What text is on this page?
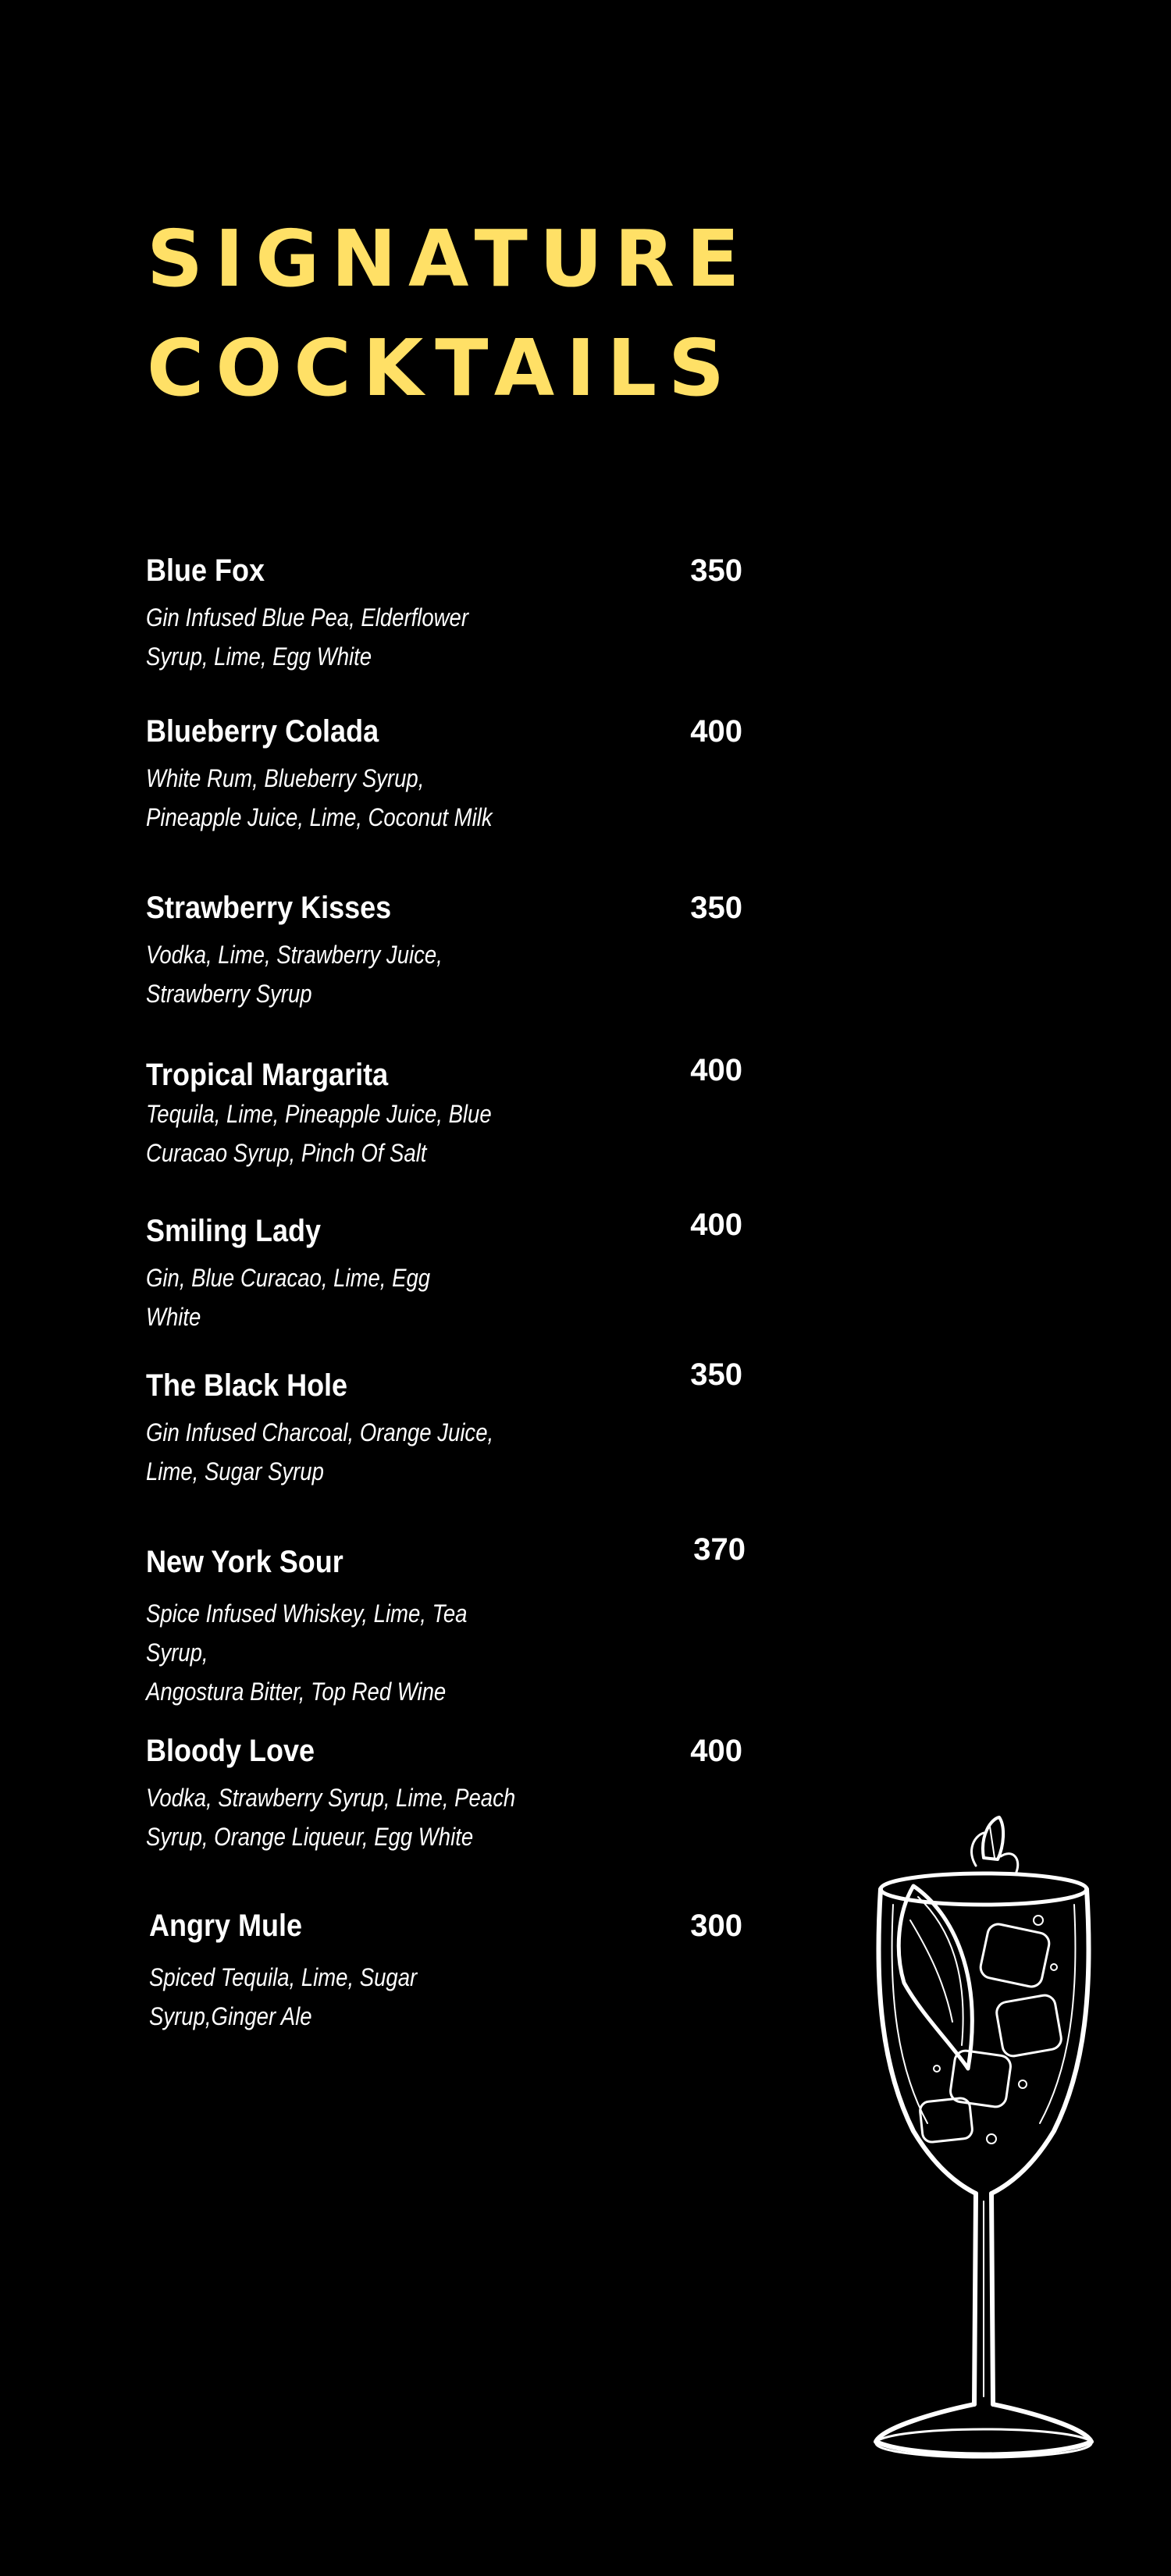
SIGNATURE
COCKTAILS
Blue Fox	350
Gin Infused Blue Pea, Elderflower
Syrup, Lime, Egg White
Blueberry Colada	400
White Rum, Blueberry Syrup,
Pineapple Juice, Lime, Coconut Milk
Strawberry Kisses	350
Vodka, Lime, Strawberry Juice,
Strawberry Syrup
Tropical Margarita	400
Tequila, Lime, Pineapple Juice, Blue
Curacao Syrup, Pinch Of Salt
Smiling Lady	400
Gin, Blue Curacao, Lime, Egg
White
The Black Hole	350
Gin Infused Charcoal, Orange Juice,
Lime, Sugar Syrup
New York Sour	370
Spice Infused Whiskey, Lime, Tea Syrup,
Angostura Bitter, Top Red Wine
Bloody Love	400
Vodka, Strawberry Syrup, Lime, Peach
Syrup, Orange Liqueur, Egg White
Angry Mule	300
Spiced Tequila, Lime, Sugar
Syrup,Ginger Ale
